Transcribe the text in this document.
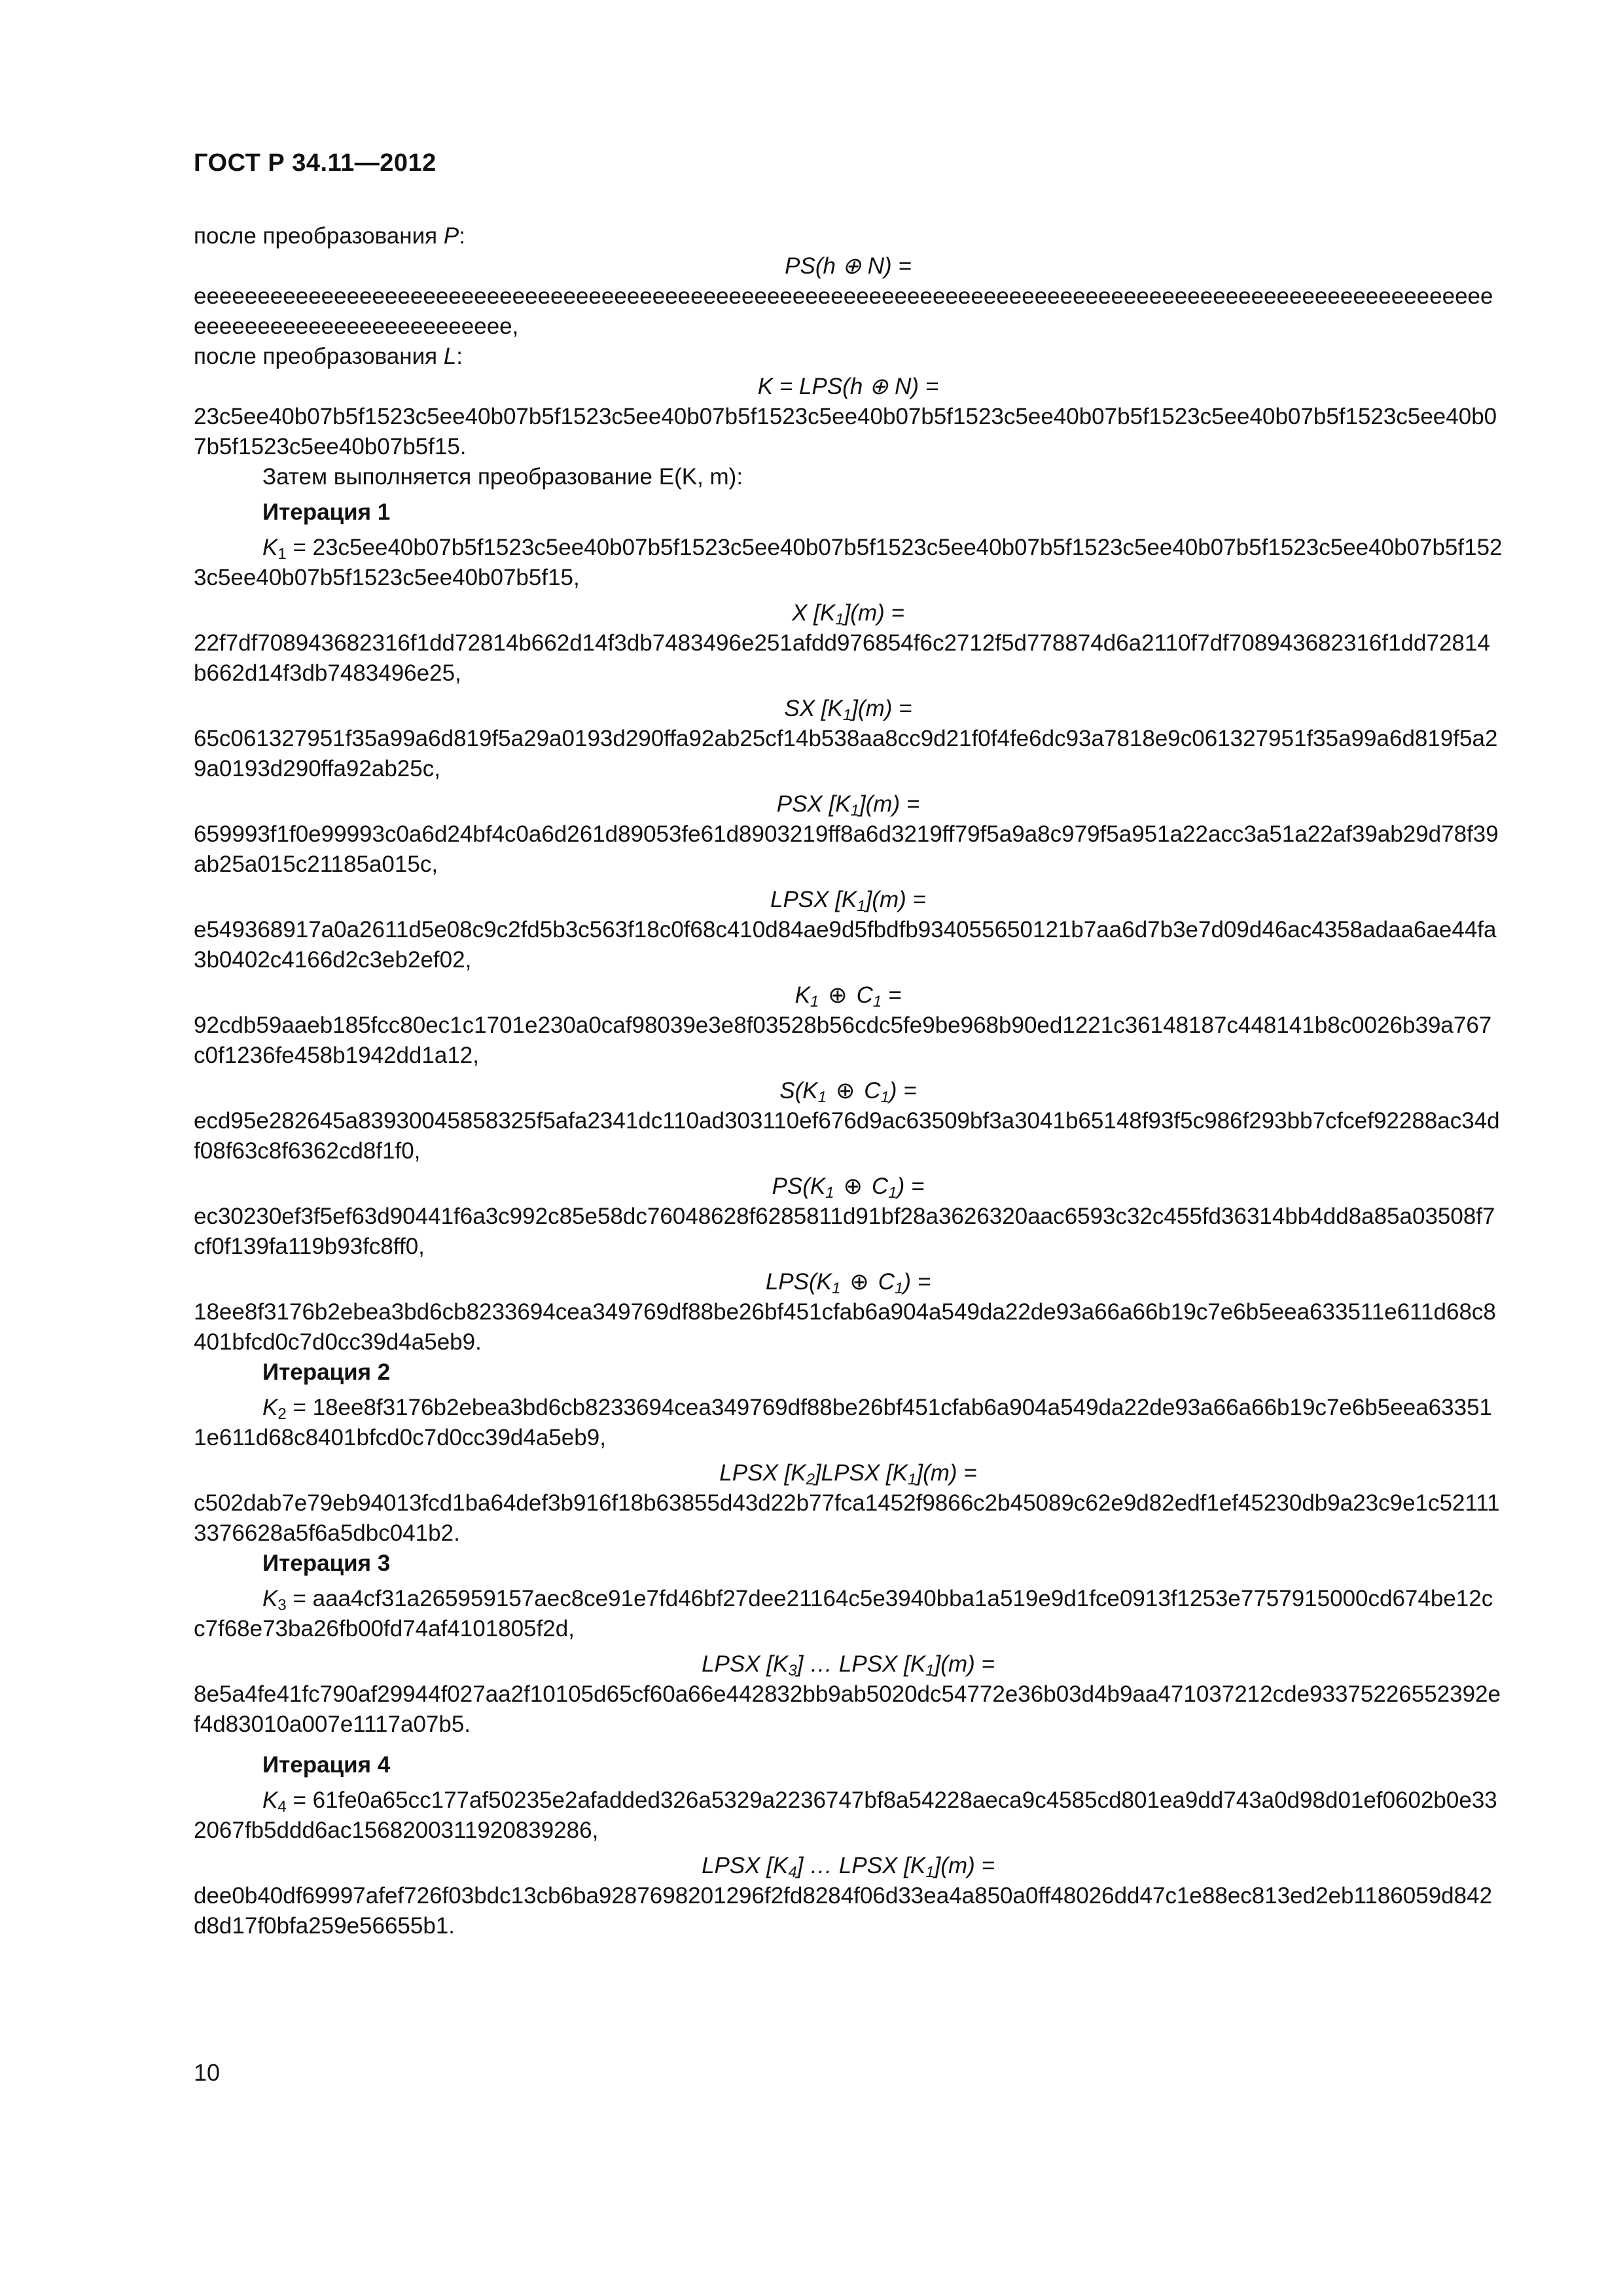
ГОСТ Р 34.11—2012

после преобразования P:

PS(h ⊕ N) =

eeeeeeeeeeeeeeeeeeeeeeeeeeeeeeeeeeeeeeeeeeeeeeeeeeeeeeeeeeeeeeeeeeeeeeeeeeeeeeeeeeeeeeeeeeeeeeeeeeeeeeeeeeeeeeeeeeeeeeeeeeeeeee,

после преобразования L:

K = LPS(h ⊕ N) =

23c5ee40b07b5f1523c5ee40b07b5f1523c5ee40b07b5f1523c5ee40b07b5f1523c5ee40b07b5f1523c5ee40b07b5f1523c5ee40b07b5f1523c5ee40b07b5f15.

Затем выполняется преобразование E(K, m):

Итерация 1

$K_1 = 23c5ee40b07b5f1523c5ee40b07b5f1523c5ee40b07b5f1523c5ee40b07b5f1523c5ee40b07b5f1523c5ee40b07b5f1523c5ee40b07b5f1523c5ee40$b07b5f15,

X $[K_1](m)$ =

22f7df708943682316f1dd72814b662d14f3db7483496e251afdd976854f6c2712f5d778874d6a2110f7df708943682316f1dd72814b662d14f3db7483496e25,

SX $[K_1](m)$ =

65c061327951f35a99a6d819f5a29a0193d290ffa92ab25cf14b538aa8cc9d21f0f4fe6dc93a7818e9c061327951f35a99a6d819f5a29a0193d290ffa92ab25c,

PSX $[K_1](m)$ =

659993f1f0e99993c0a6d24bf4c0a6d261d89053fe61d8903219ff8a6d3219ff79f5a9a8c979f5a951a22acc3a51a22af39ab29d78f39ab25a015c21185a015c,

LPSX $[K_1](m)$ =

e549368917a0a2611d5e08c9c2fd5b3c563f18c0f68c410d84ae9d5fbdfb934055650121b7aa6d7b3e7d09d46ac4358adaa6ae44fa3b0402c4166d2c3eb2ef02,

$K_1$ ⊕ $C_1$ =

92cdb59aaeb185fcc80ec1c1701e230a0caf98039e3e8f03528b56cdc5fe9be968b90ed1221c36148187c448141b8c0026b39a767c0f1236fe458b1942dd1a12,

$S(K_1$ ⊕ $C_1$) =

ecd95e282645a83930045858325f5afa2341dc110ad303110ef676d9ac63509bf3a3041b65148f93f5c986f293bb7cfcef92288ac34df08f63c8f6362cd8f1f0,

$PS(K_1$ ⊕ $C_1$) =

ec30230ef3f5ef63d90441f6a3c992c85e58dc76048628f6285811d91bf28a3626320aac6593c32c455fd36314bb4dd8a85a03508f7cf0f139fa119b93fc8ff0,

$LPS(K_1$ ⊕ $C_1$) =

18ee8f3176b2ebea3bd6cb8233694cea349769df88be26bf451cfab6a904a549da22de93a66a66b19c7e6b5eea633511e611d68c8401bfcd0c7d0cc39d4a5eb9.

Итерация 2

$K_2$ = 18ee8f3176b2ebea3bd6cb8233694cea349769df88be26bf451cfab6a904a549da22de93a66a66b19c7e6b5eea633511e611d68c8401bfcd0c7d0cc39d4a5eb9,

LPSX $[K_2]LPSX$ $[K_1](m)$ =

c502dab7e79eb94013fcd1ba64def3b916f18b63855d43d22b77fca1452f9866c2b45089c62e9d82edf1ef45230db9a23c9e1c521113376628a5f6a5dbc041b2.

Итерация 3

$K_3 = aaa4cf31a265959157aec8ce91e7fd46bf27dee21164c5e3940bba1a519e9d1fce0913f1253e7757915000cd674be12cc7f68e73ba26fb00fd74af41$01805f2d,

LPSX $[K_3]$ … LPSX $[K_1](m)$ =

8e5a4fe41fc790af29944f027aa2f10105d65cf60a66e442832bb9ab5020dc54772e36b03d4b9aa471037212cde93375226552392ef4d83010a007e1117a07b5.

Итерация 4

$K_4$ = 61fe0a65cc177af50235e2afadded326a5329a2236747bf8a54228aeca9c4585cd801ea9dd743a0d98d01ef0602b0e332067fb5ddd6ac1568200311920839286,

LPSX $[K_4]$ … LPSX $[K_1](m)$ =

dee0b40df69997afef726f03bdc13cb6ba9287698201296f2fd8284f06d33ea4a850a0ff48026dd47c1e88ec813ed2eb1186059d842d8d17f0bfa259e56655b1.

10
